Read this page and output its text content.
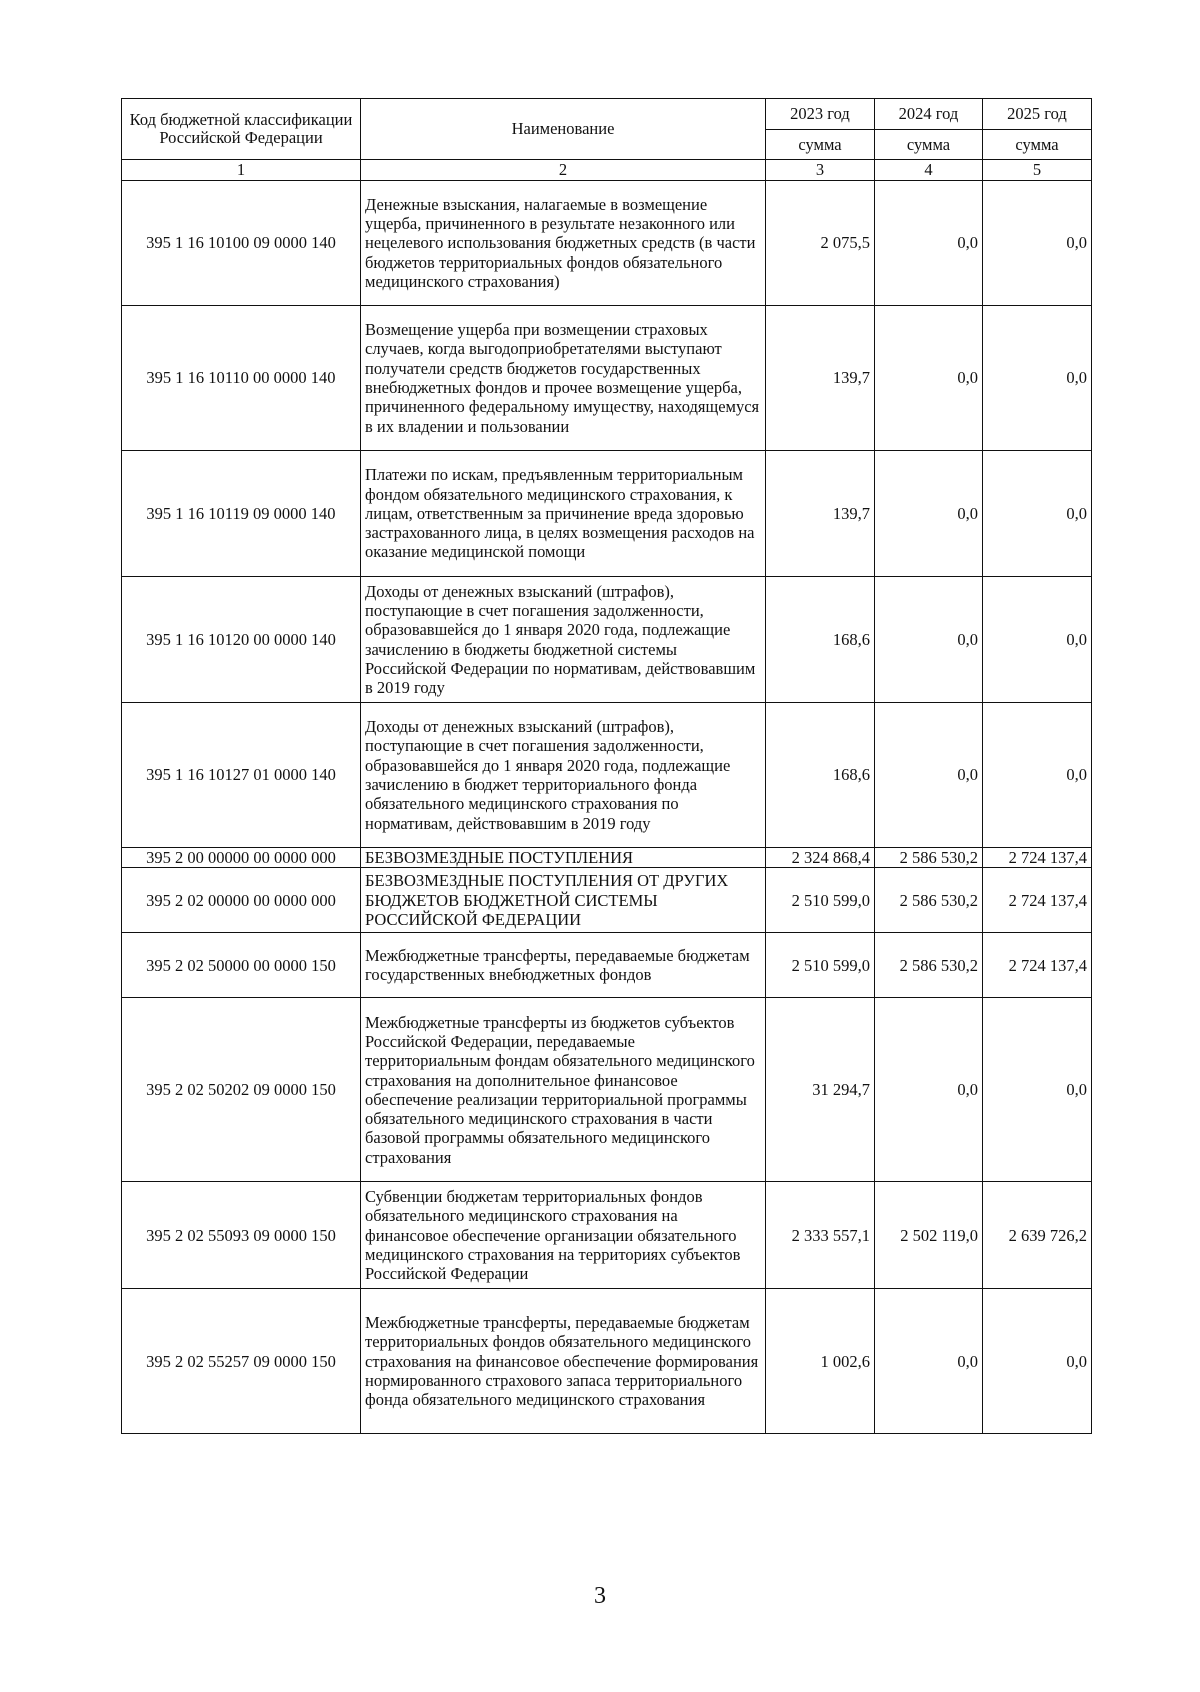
Код бюджетной классификации Российской Федерации	Наименование	2023 год	2024 год	2025 год
		сумма	сумма	сумма
1	2	3	4	5
395 1 16 10100 09 0000 140	Денежные взыскания, налагаемые в возмещение ущерба, причиненного в результате незаконного или нецелевого использования бюджетных средств (в части бюджетов территориальных фондов обязательного медицинского страхования)	2 075,5	0,0	0,0
395 1 16 10110 00 0000 140	Возмещение ущерба при возмещении страховых случаев, когда выгодоприобретателями выступают получатели средств бюджетов государственных внебюджетных фондов и прочее возмещение ущерба, причиненного федеральному имуществу, находящемуся в их владении и пользовании	139,7	0,0	0,0
395 1 16 10119 09 0000 140	Платежи по искам, предъявленным территориальным фондом обязательного медицинского страхования, к лицам, ответственным за причинение вреда здоровью застрахованного лица, в целях возмещения расходов на оказание медицинской помощи	139,7	0,0	0,0
395 1 16 10120 00 0000 140	Доходы от денежных взысканий (штрафов), поступающие в счет погашения задолженности, образовавшейся до 1 января 2020 года, подлежащие зачислению в бюджеты бюджетной системы Российской Федерации по нормативам, действовавшим в 2019 году	168,6	0,0	0,0
395 1 16 10127 01 0000 140	Доходы от денежных взысканий (штрафов), поступающие в счет погашения задолженности, образовавшейся до 1 января 2020 года, подлежащие зачислению в бюджет территориального фонда обязательного медицинского страхования по нормативам, действовавшим в 2019 году	168,6	0,0	0,0
395 2 00 00000 00 0000 000	БЕЗВОЗМЕЗДНЫЕ ПОСТУПЛЕНИЯ	2 324 868,4	2 586 530,2	2 724 137,4
395 2 02 00000 00 0000 000	БЕЗВОЗМЕЗДНЫЕ ПОСТУПЛЕНИЯ ОТ ДРУГИХ БЮДЖЕТОВ БЮДЖЕТНОЙ СИСТЕМЫ РОССИЙСКОЙ ФЕДЕРАЦИИ	2 510 599,0	2 586 530,2	2 724 137,4
395 2 02 50000 00 0000 150	Межбюджетные трансферты, передаваемые бюджетам государственных внебюджетных фондов	2 510 599,0	2 586 530,2	2 724 137,4
395 2 02 50202 09 0000 150	Межбюджетные трансферты из бюджетов субъектов Российской Федерации, передаваемые территориальным фондам обязательного медицинского страхования на дополнительное финансовое обеспечение реализации территориальной программы обязательного медицинского страхования в части базовой программы обязательного медицинского страхования	31 294,7	0,0	0,0
395 2 02 55093 09 0000 150	Субвенции бюджетам территориальных фондов обязательного медицинского страхования на финансовое обеспечение организации обязательного медицинского страхования на территориях субъектов Российской Федерации	2 333 557,1	2 502 119,0	2 639 726,2
395 2 02 55257 09 0000 150	Межбюджетные трансферты, передаваемые бюджетам территориальных фондов обязательного медицинского страхования на финансовое обеспечение формирования нормированного страхового запаса территориального фонда обязательного медицинского страхования	1 002,6	0,0	0,0
3
